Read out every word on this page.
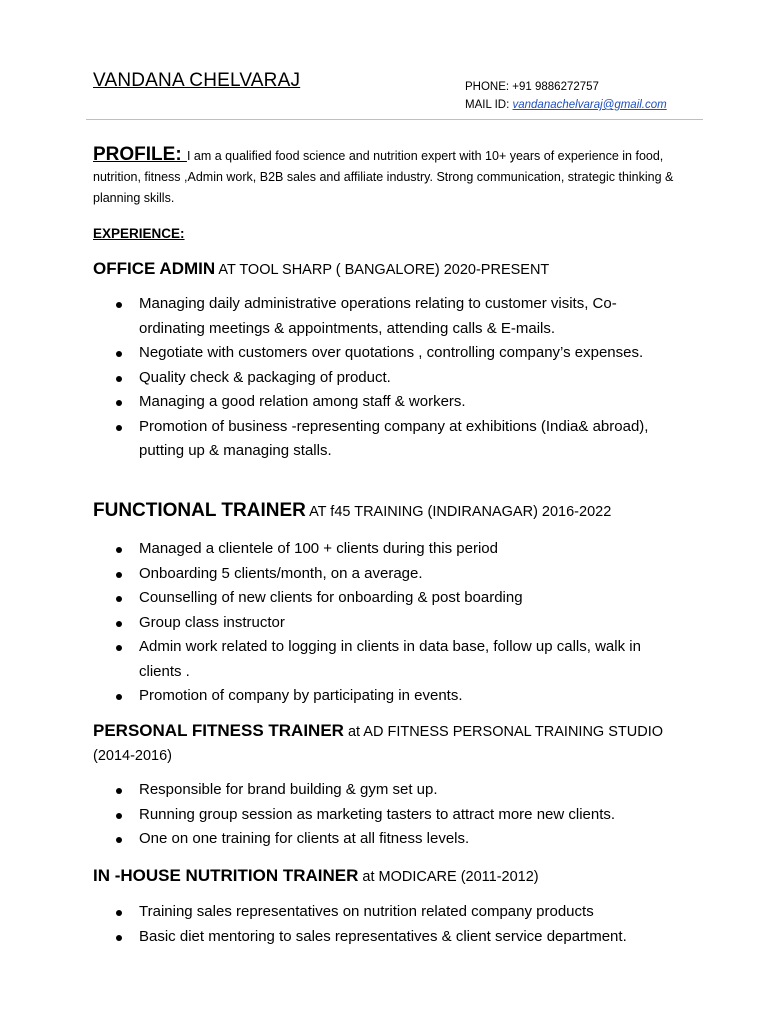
VANDANA CHELVARAJ	PHONE: +91 9886272757
MAIL ID: vandanachelvaraj@gmail.com
PROFILE: I am a qualified food science and nutrition expert with 10+ years of experience in food, nutrition, fitness ,Admin work, B2B sales and affiliate industry. Strong communication, strategic thinking & planning skills.
EXPERIENCE:
OFFICE ADMIN AT TOOL SHARP ( BANGALORE) 2020-PRESENT
Managing daily administrative operations relating to customer visits, Co-ordinating meetings & appointments, attending calls & E-mails.
Negotiate with customers over quotations , controlling company’s expenses.
Quality check & packaging of product.
Managing a good relation among staff & workers.
Promotion of business -representing company at exhibitions (India& abroad), putting up & managing stalls.
FUNCTIONAL TRAINER AT f45 TRAINING (INDIRANAGAR) 2016-2022
Managed a clientele of 100 + clients during this period
Onboarding 5 clients/month, on a average.
Counselling of new clients for onboarding & post boarding
Group class instructor
Admin work related to logging in clients in data base, follow up calls, walk in clients .
Promotion of company by participating in events.
PERSONAL FITNESS TRAINER at AD FITNESS PERSONAL TRAINING STUDIO (2014-2016)
Responsible for brand building & gym set up.
Running group session as marketing tasters to attract more new clients.
One on one training for clients at all fitness levels.
IN -HOUSE NUTRITION TRAINER at MODICARE (2011-2012)
Training sales representatives on nutrition related company products
Basic diet mentoring to sales representatives & client service department.
